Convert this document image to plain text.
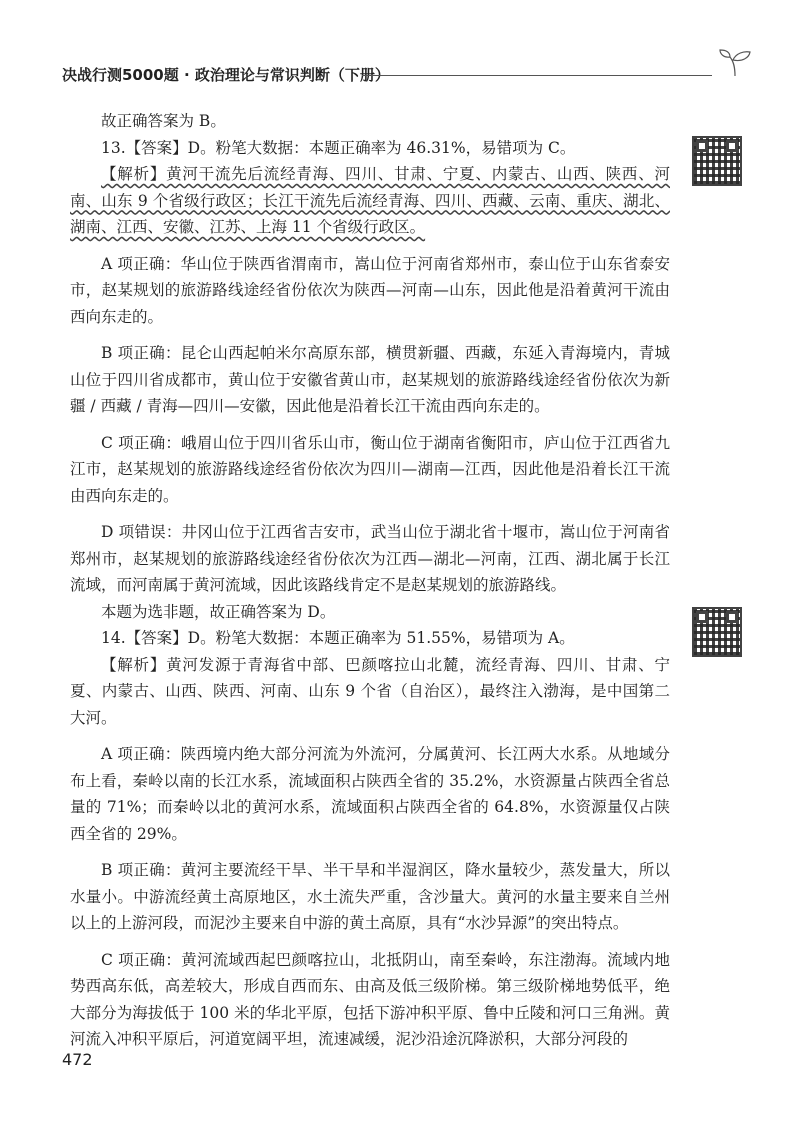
决战行测5000题 · 政治理论与常识判断（下册）

故正确答案为 B。

13.【答案】D。粉笔大数据：本题正确率为 46.31%，易错项为 C。

【解析】黄河干流先后流经青海、四川、甘肃、宁夏、内蒙古、山西、陕西、河南、山东 9 个省级行政区；长江干流先后流经青海、四川、西藏、云南、重庆、湖北、湖南、江西、安徽、江苏、上海 11 个省级行政区。

A 项正确：华山位于陕西省渭南市，嵩山位于河南省郑州市，泰山位于山东省泰安市，赵某规划的旅游路线途经省份依次为陕西—河南—山东，因此他是沿着黄河干流由西向东走的。

B 项正确：昆仑山西起帕米尔高原东部，横贯新疆、西藏，东延入青海境内，青城山位于四川省成都市，黄山位于安徽省黄山市，赵某规划的旅游路线途经省份依次为新疆 / 西藏 / 青海—四川—安徽，因此他是沿着长江干流由西向东走的。

C 项正确：峨眉山位于四川省乐山市，衡山位于湖南省衡阳市，庐山位于江西省九江市，赵某规划的旅游路线途经省份依次为四川—湖南—江西，因此他是沿着长江干流由西向东走的。

D 项错误：井冈山位于江西省吉安市，武当山位于湖北省十堰市，嵩山位于河南省郑州市，赵某规划的旅游路线途经省份依次为江西—湖北—河南，江西、湖北属于长江流域，而河南属于黄河流域，因此该路线肯定不是赵某规划的旅游路线。

本题为选非题，故正确答案为 D。

14.【答案】D。粉笔大数据：本题正确率为 51.55%，易错项为 A。

【解析】黄河发源于青海省中部、巴颜喀拉山北麓，流经青海、四川、甘肃、宁夏、内蒙古、山西、陕西、河南、山东 9 个省（自治区），最终注入渤海，是中国第二大河。

A 项正确：陕西境内绝大部分河流为外流河，分属黄河、长江两大水系。从地域分布上看，秦岭以南的长江水系，流域面积占陕西全省的 35.2%，水资源量占陕西全省总量的 71%；而秦岭以北的黄河水系，流域面积占陕西全省的 64.8%，水资源量仅占陕西全省的 29%。

B 项正确：黄河主要流经干旱、半干旱和半湿润区，降水量较少，蒸发量大，所以水量小。中游流经黄土高原地区，水土流失严重，含沙量大。黄河的水量主要来自兰州以上的上游河段，而泥沙主要来自中游的黄土高原，具有“水沙异源”的突出特点。

C 项正确：黄河流域西起巴颜喀拉山，北抵阴山，南至秦岭，东注渤海。流域内地势西高东低，高差较大，形成自西而东、由高及低三级阶梯。第三级阶梯地势低平，绝大部分为海拔低于 100 米的华北平原，包括下游冲积平原、鲁中丘陵和河口三角洲。黄河流入冲积平原后，河道宽阔平坦，流速减缓，泥沙沿途沉降淤积，大部分河段的

472
